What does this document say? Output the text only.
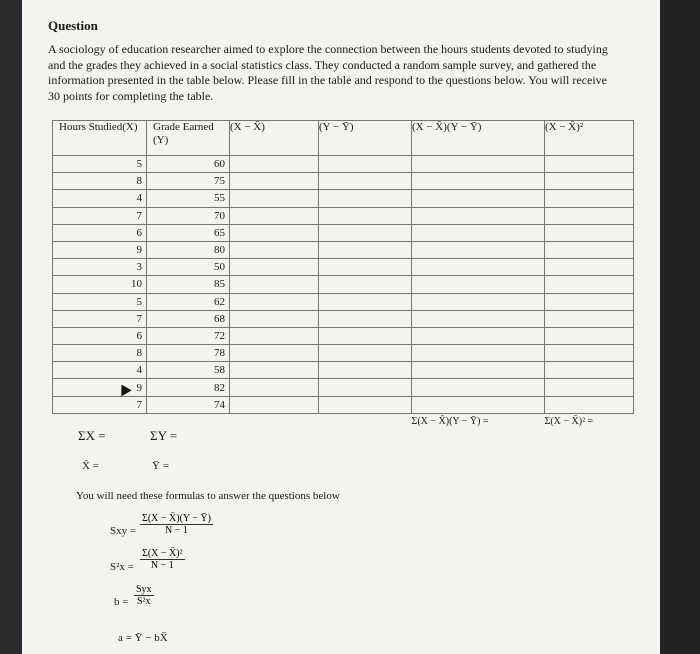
Question
A sociology of education researcher aimed to explore the connection between the hours students devoted to studying and the grades they achieved in a social statistics class. They conducted a random sample survey, and gathered the information presented in the table below. Please fill in the table and respond to the questions below. You will receive 30 points for completing the table.
Hours Studied(X)	Grade Earned (Y)	(X − X̄)	(Y − Ȳ)	(X − X̄)(Y − Ȳ)	(X − X̄)²
5	60				
8	75				
4	55				
7	70				
6	65				
9	80				
3	50				
10	85				
5	62				
7	68				
6	72				
8	78				
4	58				
9	82				
7	74				
				Σ(X − X̄)(Y − Ȳ) =	Σ(X − X̄)² =
ΣX =	ΣY =
X̄ =	Ȳ =
You will need these formulas to answer the questions below
Sxy = $\frac{\Sigma(X - X̄)(Y - Ȳ)}{N - 1}$
$S^2x = \frac{\text{Σ(X − X̄)²}}{N - 1}$
b =
Syx
S²x
a = Ȳ − bX̄
